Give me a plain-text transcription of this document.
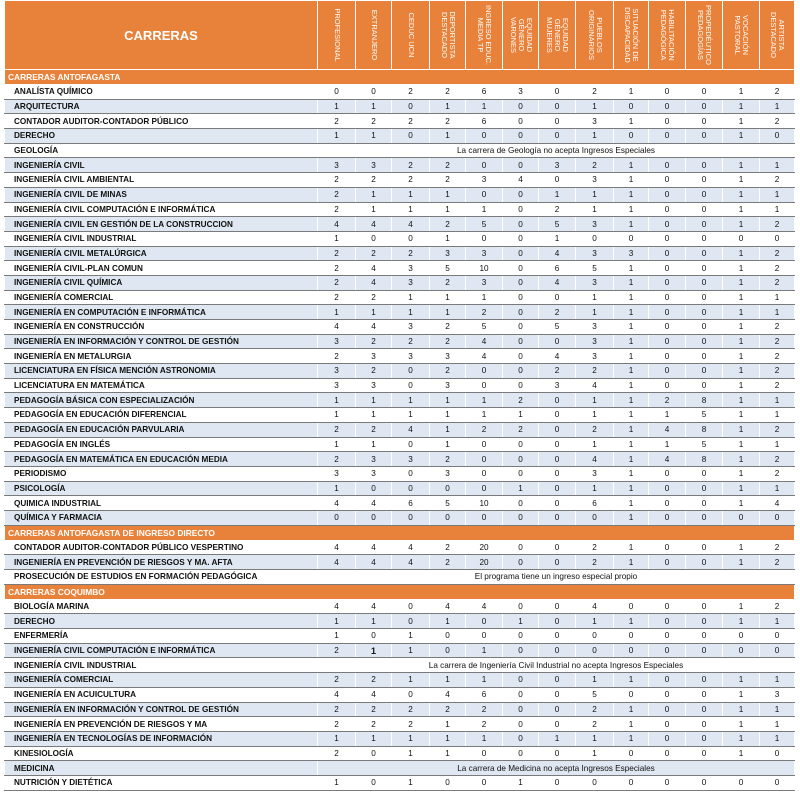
CARRERAS	PROFESIONAL	EXTRANJERO	CEDUC UCN	DEPORTISTA DESTACADO	INGRESO EDUC. MEDIA TP	EQUIDAD GÉNERO VARONES	EQUIDAD GÉNERO MUJERES	PUEBLOS ORIGINARIOS	SITUACIÓN DE DISCAPACIDAD	HABILITACIÓN PEDAGÓGICA	PROPEDÉUTICO PEDAGOGÍAS	VOCACIÓN PASTORAL	ARTISTA DESTACADO

CARRERAS ANTOFAGASTA													
ANALÍSTA QUÍMICO	0	0	2	2	6	3	0	2	1	0	0	1	2
ARQUITECTURA	1	1	0	1	1	0	0	1	0	0	0	1	1
CONTADOR AUDITOR-CONTADOR PÚBLICO	2	2	2	2	6	0	0	3	1	0	0	1	2
DERECHO	1	1	0	1	0	0	0	1	0	0	0	1	0
GEOLOGÍA	La carrera de Geología no acepta Ingresos Especiales												
INGENIERÍA CIVIL	3	3	2	2	0	0	3	2	1	0	0	1	1
INGENIERÍA CIVIL AMBIENTAL	2	2	2	2	3	4	0	3	1	0	0	1	2
INGENIERÍA CIVIL DE MINAS	2	1	1	1	0	0	1	1	1	0	0	1	1
INGENIERÍA CIVIL COMPUTACIÓN E INFORMÁTICA	2	1	1	1	1	0	2	1	1	0	0	1	1
INGENIERÍA CIVIL EN GESTIÓN DE LA CONSTRUCCION	4	4	4	2	5	0	5	3	1	0	0	1	2
INGENIERÍA CIVIL INDUSTRIAL	1	0	0	1	0	0	1	0	0	0	0	0	0
INGENIERÍA CIVIL METALÚRGICA	2	2	2	3	3	0	4	3	3	0	0	1	2
INGENIERÍA CIVIL-PLAN COMUN	2	4	3	5	10	0	6	5	1	0	0	1	2
INGENIERÍA CIVIL QUÍMICA	2	4	3	2	3	0	4	3	1	0	0	1	2
INGENIERÍA COMERCIAL	2	2	1	1	1	0	0	1	1	0	0	1	1
INGENIERÍA EN COMPUTACIÓN E INFORMÁTICA	1	1	1	1	2	0	2	1	1	0	0	1	1
INGENIERÍA EN CONSTRUCCIÓN	4	4	3	2	5	0	5	3	1	0	0	1	2
INGENIERÍA EN INFORMACIÓN Y CONTROL DE GESTIÓN	3	2	2	2	4	0	0	3	1	0	0	1	2
INGENIERÍA EN METALURGIA	2	3	3	3	4	0	4	3	1	0	0	1	2
LICENCIATURA EN FÍSICA MENCIÓN ASTRONOMIA	3	2	0	2	0	0	2	2	1	0	0	1	2
LICENCIATURA EN MATEMÁTICA	3	3	0	3	0	0	3	4	1	0	0	1	2
PEDAGOGÍA BÁSICA CON ESPECIALIZACIÓN	1	1	1	1	1	2	0	1	1	2	8	1	1
PEDAGOGÍA EN EDUCACIÓN DIFERENCIAL	1	1	1	1	1	1	0	1	1	1	5	1	1
PEDAGOGÍA EN EDUCACIÓN PARVULARIA	2	2	4	1	2	2	0	2	1	4	8	1	2
PEDAGOGÍA EN INGLÉS	1	1	0	1	0	0	0	1	1	1	5	1	1
PEDAGOGÍA EN MATEMÁTICA EN EDUCACIÓN MEDIA	2	3	3	2	0	0	0	4	1	4	8	1	2
PERIODISMO	3	3	0	3	0	0	0	3	1	0	0	1	2
PSICOLOGÍA	1	0	0	0	0	1	0	1	1	0	0	1	1
QUIMICA INDUSTRIAL	4	4	6	5	10	0	0	6	1	0	0	1	4
QUÍMICA Y FARMACIA	0	0	0	0	0	0	0	0	1	0	0	0	0
CARRERAS ANTOFAGASTA DE INGRESO DIRECTO													
CONTADOR AUDITOR-CONTADOR PÚBLICO VESPERTINO	4	4	4	2	20	0	0	2	1	0	0	1	2
INGENIERÍA EN PREVENCIÓN DE RIESGOS Y MA. AFTA	4	4	4	2	20	0	0	2	1	0	0	1	2
PROSECUCIÓN DE ESTUDIOS EN FORMACIÓN PEDAGÓGICA	El programa tiene un ingreso especial propio												
CARRERAS COQUIMBO													
BIOLOGÍA MARINA	4	4	0	4	4	0	0	4	0	0	0	1	2
DERECHO	1	1	0	1	0	1	0	1	1	0	0	1	1
ENFERMERÍA	1	0	1	0	0	0	0	0	0	0	0	0	0
INGENIERÍA CIVIL COMPUTACIÓN E INFORMÁTICA	2	1	1	0	1	0	0	0	0	0	0	0	0
INGENIERÍA CIVIL INDUSTRIAL	La carrera de Ingeniería Civil Industrial no acepta Ingresos Especiales												
INGENIERÍA COMERCIAL	2	2	1	1	1	0	0	1	1	0	0	1	1
INGENIERÍA EN ACUICULTURA	4	4	0	4	6	0	0	5	0	0	0	1	3
INGENIERÍA EN INFORMACIÓN Y CONTROL DE GESTIÓN	2	2	2	2	2	0	0	2	1	0	0	1	1
INGENIERÍA EN PREVENCIÓN DE RIESGOS Y MA	2	2	2	1	2	0	0	2	1	0	0	1	1
INGENIERÍA EN TECNOLOGÍAS DE INFORMACIÓN	1	1	1	1	1	0	1	1	1	0	0	1	1
KINESIOLOGÍA	2	0	1	1	0	0	0	1	0	0	0	1	0
MEDICINA	La carrera de Medicina no acepta Ingresos Especiales												
NUTRICIÓN Y DIETÉTICA	1	0	1	0	0	1	0	0	0	0	0	0	0
